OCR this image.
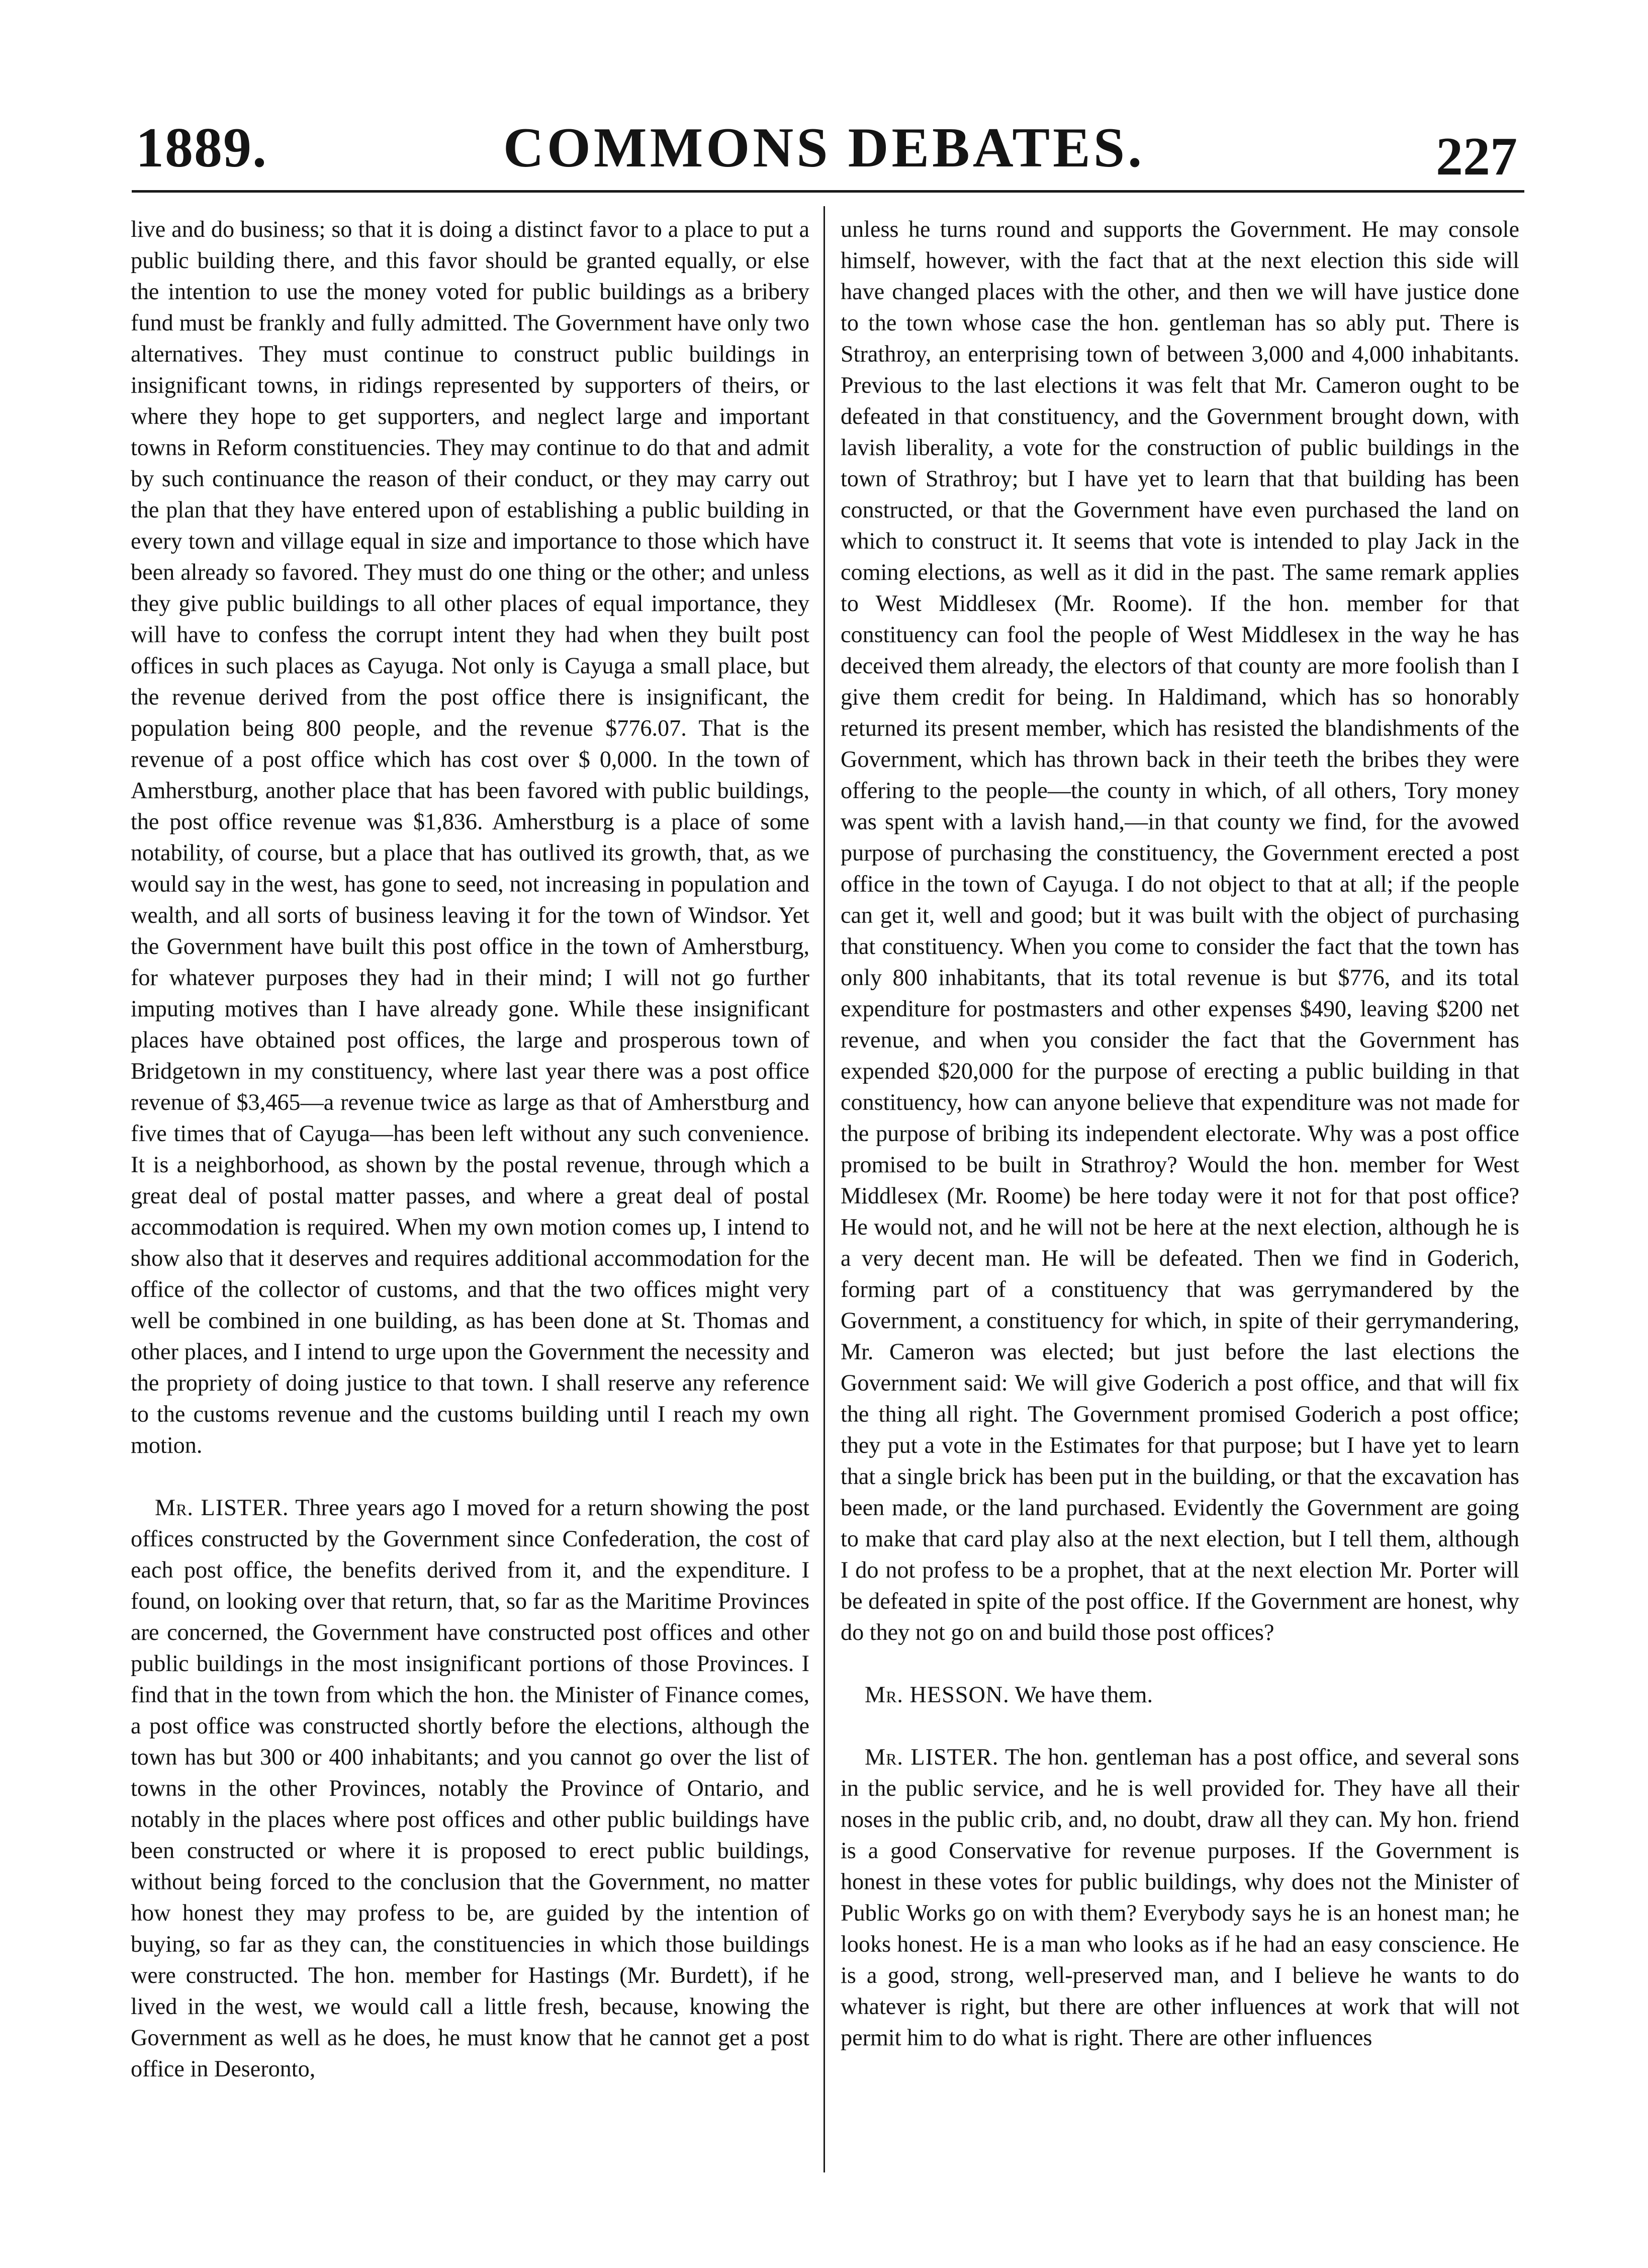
1889.	COMMONS DEBATES.	227

live and do business; so that it is doing a distinct favor to a place to put a public building there, and this favor should be granted equally, or else the intention to use the money voted for public buildings as a bribery fund must be frankly and fully admitted. The Government have only two alternatives. They must continue to construct public buildings in insignificant towns, in ridings represented by supporters of theirs, or where they hope to get supporters, and neglect large and important towns in Reform constituencies. They may continue to do that and admit by such continuance the reason of their conduct, or they may carry out the plan that they have entered upon of establishing a public building in every town and village equal in size and importance to those which have been already so favored. They must do one thing or the other; and unless they give public buildings to all other places of equal importance, they will have to confess the corrupt intent they had when they built post offices in such places as Cayuga. Not only is Cayuga a small place, but the revenue derived from the post office there is insignificant, the population being 800 people, and the revenue $776.07. That is the revenue of a post office which has cost over $ 0,000. In the town of Amherstburg, another place that has been favored with public buildings, the post office revenue was $1,836. Amherstburg is a place of some notability, of course, but a place that has outlived its growth, that, as we would say in the west, has gone to seed, not increasing in population and wealth, and all sorts of business leaving it for the town of Windsor. Yet the Government have built this post office in the town of Amherstburg, for whatever purposes they had in their mind; I will not go further imputing motives than I have already gone. While these insignificant places have obtained post offices, the large and prosperous town of Bridgetown in my constituency, where last year there was a post office revenue of $3,465—a revenue twice as large as that of Amherstburg and five times that of Cayuga—has been left without any such convenience. It is a neighborhood, as shown by the postal revenue, through which a great deal of postal matter passes, and where a great deal of postal accommodation is required. When my own motion comes up, I intend to show also that it deserves and requires additional accommodation for the office of the collector of customs, and that the two offices might very well be combined in one building, as has been done at St. Thomas and other places, and I intend to urge upon the Government the necessity and the propriety of doing justice to that town. I shall reserve any reference to the customs revenue and the customs building until I reach my own motion.

Mr. LISTER. Three years ago I moved for a return showing the post offices constructed by the Government since Confederation, the cost of each post office, the benefits derived from it, and the expenditure. I found, on looking over that return, that, so far as the Maritime Provinces are concerned, the Government have constructed post offices and other public buildings in the most insignificant portions of those Provinces. I find that in the town from which the hon. the Minister of Finance comes, a post office was constructed shortly before the elections, although the town has but 300 or 400 inhabitants; and you cannot go over the list of towns in the other Provinces, notably the Province of Ontario, and notably in the places where post offices and other public buildings have been constructed or where it is proposed to erect public buildings, without being forced to the conclusion that the Government, no matter how honest they may profess to be, are guided by the intention of buying, so far as they can, the constituencies in which those buildings were constructed. The hon. member for Hastings (Mr. Burdett), if he lived in the west, we would call a little fresh, because, knowing the Government as well as he does, he must know that he cannot get a post office in Deseronto,

unless he turns round and supports the Government. He may console himself, however, with the fact that at the next election this side will have changed places with the other, and then we will have justice done to the town whose case the hon. gentleman has so ably put. There is Strathroy, an enterprising town of between 3,000 and 4,000 inhabitants. Previous to the last elections it was felt that Mr. Cameron ought to be defeated in that constituency, and the Government brought down, with lavish liberality, a vote for the construction of public buildings in the town of Strathroy; but I have yet to learn that that building has been constructed, or that the Government have even purchased the land on which to construct it. It seems that vote is intended to play Jack in the coming elections, as well as it did in the past. The same remark applies to West Middlesex (Mr. Roome). If the hon. member for that constituency can fool the people of West Middlesex in the way he has deceived them already, the electors of that county are more foolish than I give them credit for being. In Haldimand, which has so honorably returned its present member, which has resisted the blandishments of the Government, which has thrown back in their teeth the bribes they were offering to the people—the county in which, of all others, Tory money was spent with a lavish hand,—in that county we find, for the avowed purpose of purchasing the constituency, the Government erected a post office in the town of Cayuga. I do not object to that at all; if the people can get it, well and good; but it was built with the object of purchasing that constituency. When you come to consider the fact that the town has only 800 inhabitants, that its total revenue is but $776, and its total expenditure for postmasters and other expenses $490, leaving $200 net revenue, and when you consider the fact that the Government has expended $20,000 for the purpose of erecting a public building in that constituency, how can anyone believe that expenditure was not made for the purpose of bribing its independent electorate. Why was a post office promised to be built in Strathroy? Would the hon. member for West Middlesex (Mr. Roome) be here today were it not for that post office? He would not, and he will not be here at the next election, although he is a very decent man. He will be defeated. Then we find in Goderich, forming part of a constituency that was gerrymandered by the Government, a constituency for which, in spite of their gerrymandering, Mr. Cameron was elected; but just before the last elections the Government said: We will give Goderich a post office, and that will fix the thing all right. The Government promised Goderich a post office; they put a vote in the Estimates for that purpose; but I have yet to learn that a single brick has been put in the building, or that the excavation has been made, or the land purchased. Evidently the Government are going to make that card play also at the next election, but I tell them, although I do not profess to be a prophet, that at the next election Mr. Porter will be defeated in spite of the post office. If the Government are honest, why do they not go on and build those post offices?

Mr. HESSON. We have them.

Mr. LISTER. The hon. gentleman has a post office, and several sons in the public service, and he is well provided for. They have all their noses in the public crib, and, no doubt, draw all they can. My hon. friend is a good Conservative for revenue purposes. If the Government is honest in these votes for public buildings, why does not the Minister of Public Works go on with them? Everybody says he is an honest man; he looks honest. He is a man who looks as if he had an easy conscience. He is a good, strong, well-preserved man, and I believe he wants to do whatever is right, but there are other influences at work that will not permit him to do what is right. There are other influences
